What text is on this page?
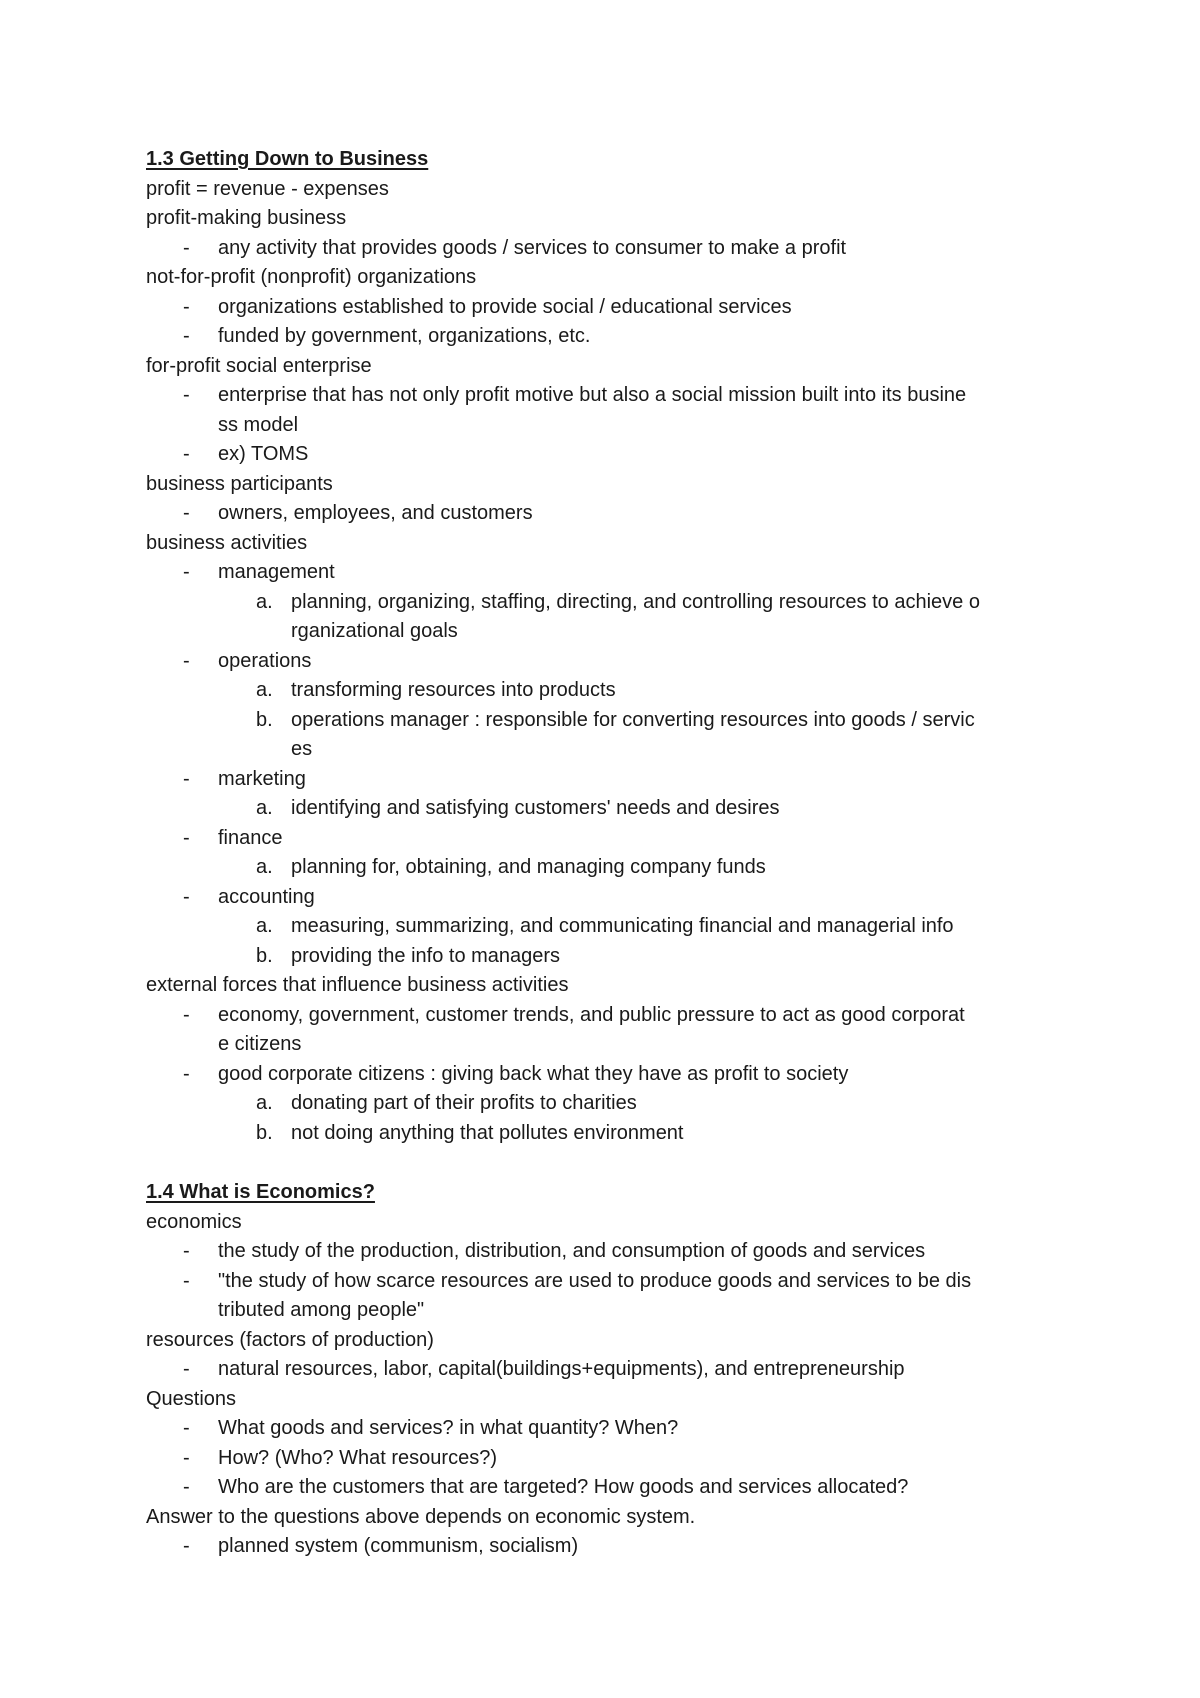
1.3 Getting Down to Business
profit = revenue - expenses
profit-making business
- any activity that provides goods / services to consumer to make a profit
not-for-profit (nonprofit) organizations
- organizations established to provide social / educational services
- funded by government, organizations, etc.
for-profit social enterprise
- enterprise that has not only profit motive but also a social mission built into its busine
ss model
- ex) TOMS
business participants
- owners, employees, and customers
business activities
- management
a. planning, organizing, staffing, directing, and controlling resources to achieve o
rganizational goals
- operations
a. transforming resources into products
b. operations manager : responsible for converting resources into goods / servic
es
- marketing
a. identifying and satisfying customers' needs and desires
- finance
a. planning for, obtaining, and managing company funds
- accounting
a. measuring, summarizing, and communicating financial and managerial info
b. providing the info to managers
external forces that influence business activities
- economy, government, customer trends, and public pressure to act as good corporat
e citizens
- good corporate citizens : giving back what they have as profit to society
a. donating part of their profits to charities
b. not doing anything that pollutes environment
1.4 What is Economics?
economics
- the study of the production, distribution, and consumption of goods and services
- "the study of how scarce resources are used to produce goods and services to be dis
tributed among people"
resources (factors of production)
- natural resources, labor, capital(buildings+equipments), and entrepreneurship
Questions
- What goods and services? in what quantity? When?
- How? (Who? What resources?)
- Who are the customers that are targeted? How goods and services allocated?
Answer to the questions above depends on economic system.
- planned system (communism, socialism)
